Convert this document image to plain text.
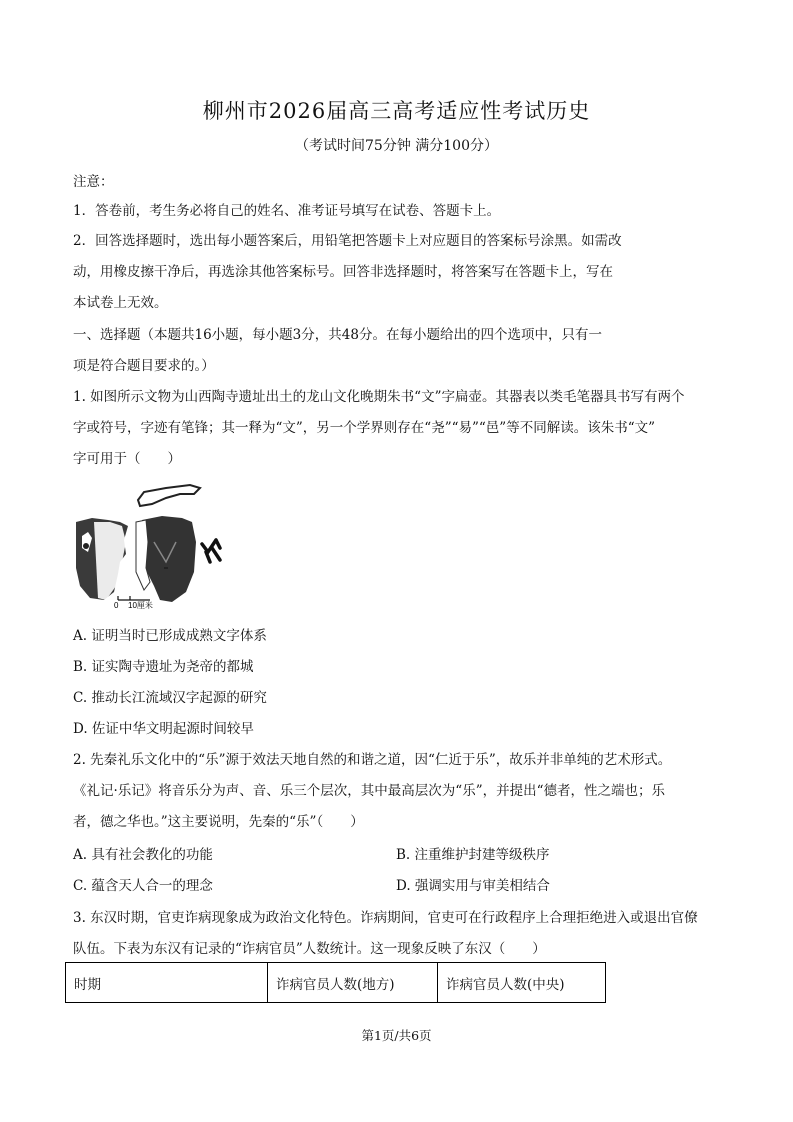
柳州市2026届高三高考适应性考试历史
（考试时间75分钟 满分100分）
注意：
1．答卷前，考生务必将自己的姓名、准考证号填写在试卷、答题卡上。
2．回答选择题时，选出每小题答案后，用铅笔把答题卡上对应题目的答案标号涂黑。如需改
动，用橡皮擦干净后，再选涂其他答案标号。回答非选择题时，将答案写在答题卡上，写在
本试卷上无效。
一、选择题（本题共16小题，每小题3分，共48分。在每小题给出的四个选项中，只有一
项是符合题目要求的。）
1. 如图所示文物为山西陶寺遗址出土的龙山文化晚期朱书“文”字扁壶。其器表以类毛笔器具书写有两个
字或符号，字迹有笔锋；其一释为“文”，另一个学界则存在“尧”“易”“邑”等不同解读。该朱书“文”
字可用于（　　）
0 10厘米
A. 证明当时已形成成熟文字体系
B. 证实陶寺遗址为尧帝的都城
C. 推动长江流域汉字起源的研究
D. 佐证中华文明起源时间较早
2. 先秦礼乐文化中的“乐”源于效法天地自然的和谐之道，因“仁近于乐”，故乐并非单纯的艺术形式。
《礼记·乐记》将音乐分为声、音、乐三个层次，其中最高层次为“乐”，并提出“德者，性之端也；乐
者，德之华也。”这主要说明，先秦的“乐”（　　）
A. 具有社会教化的功能	B. 注重维护封建等级秩序
C. 蕴含天人合一的理念	D. 强调实用与审美相结合
3. 东汉时期，官吏诈病现象成为政治文化特色。诈病期间，官吏可在行政程序上合理拒绝进入或退出官僚
队伍。下表为东汉有记录的“诈病官员”人数统计。这一现象反映了东汉（　　）
时期	诈病官员人数(地方)	诈病官员人数(中央)
第1页/共6页
